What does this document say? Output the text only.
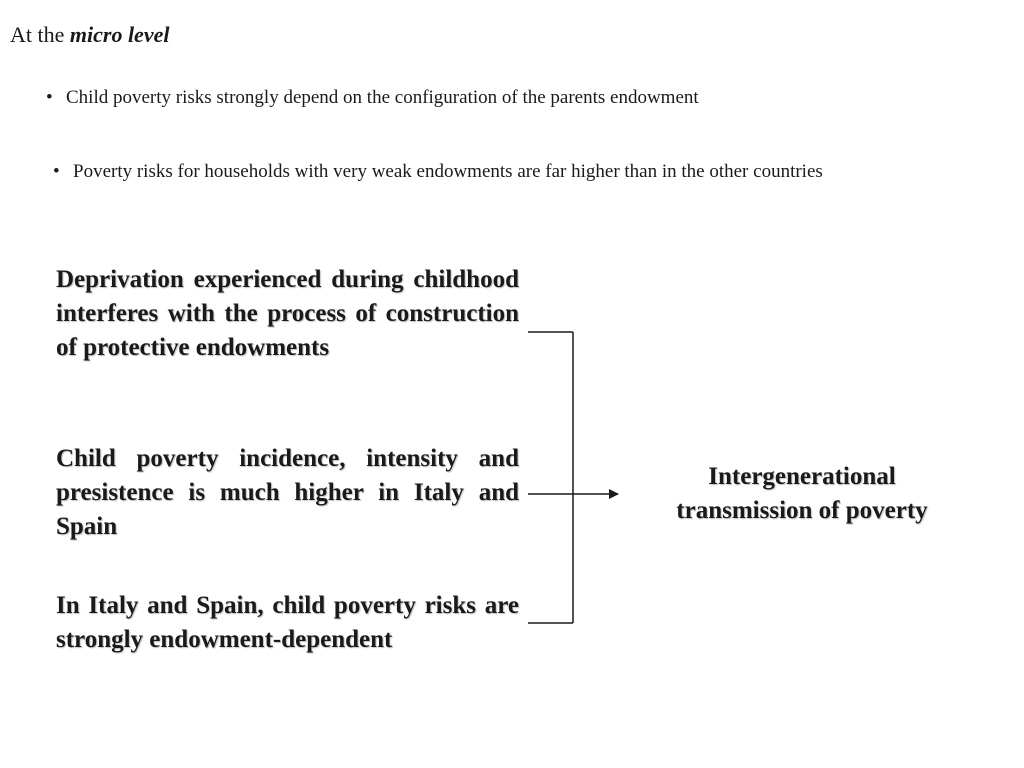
At the micro level
• Child poverty risks strongly depend on the configuration of the parents endowment
• Poverty risks for households with very weak endowments are far higher than in the other countries

Deprivation experienced during childhood interferes with the process of construction of protective endowments

Child poverty incidence, intensity and presistence is much higher in Italy and Spain

In Italy and Spain, child poverty risks are strongly endowment-dependent

Intergenerational transmission of poverty
